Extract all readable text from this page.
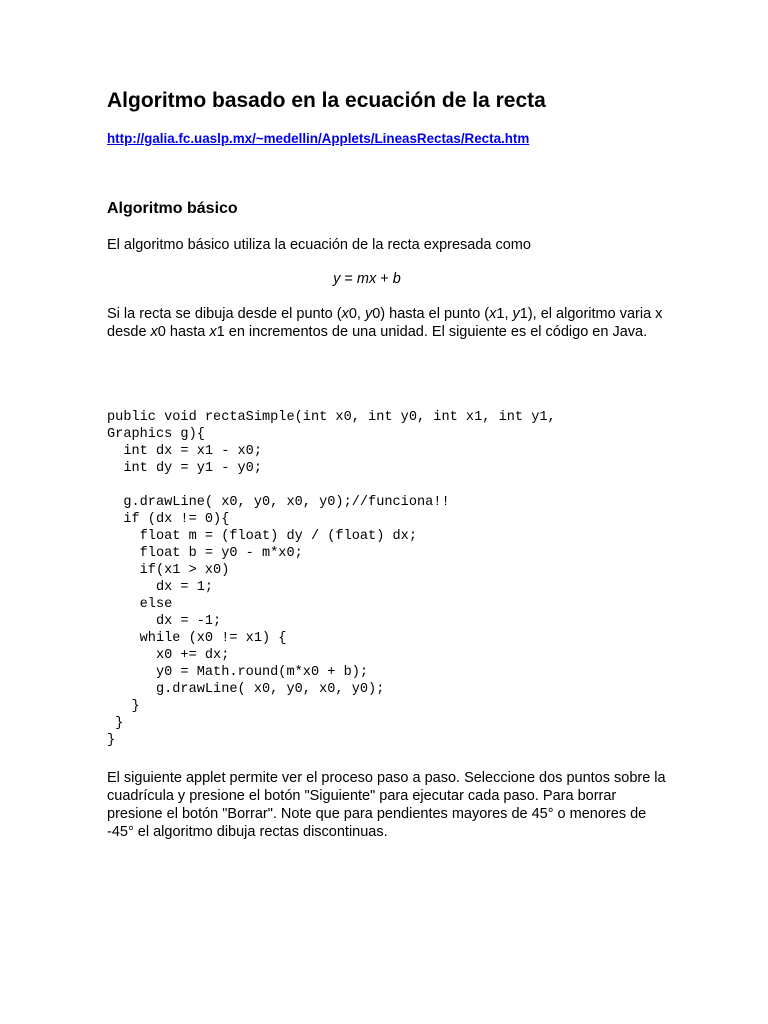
Algoritmo basado en la ecuación de la recta
http://galia.fc.uaslp.mx/~medellin/Applets/LineasRectas/Recta.htm
Algoritmo básico

El algoritmo básico utiliza la ecuación de la recta expresada como

y = mx + b

Si la recta se dibuja desde el punto (x0, y0) hasta el punto (x1, y1), el algoritmo varia x desde x0 hasta x1 en incrementos de una unidad. El siguiente es el código en Java.

public void rectaSimple(int x0, int y0, int x1, int y1,
Graphics g){
int dx = x1 - x0;
int dy = y1 - y0;
g.drawLine( x0, y0, x0, y0);//funciona!!
if (dx != 0){
float m = (float) dy / (float) dx;
float b = y0 - m*x0;
if(x1 > x0)
dx = 1;
else
dx = -1;
while (x0 != x1) {
x0 += dx;
y0 = Math.round(m*x0 + b);
g.drawLine( x0, y0, x0, y0);
}
}
}

El siguiente applet permite ver el proceso paso a paso. Seleccione dos puntos sobre la cuadrícula y presione el botón "Siguiente" para ejecutar cada paso. Para borrar presione el botón "Borrar". Note que para pendientes mayores de 45° o menores de -45° el algoritmo dibuja rectas discontinuas.
